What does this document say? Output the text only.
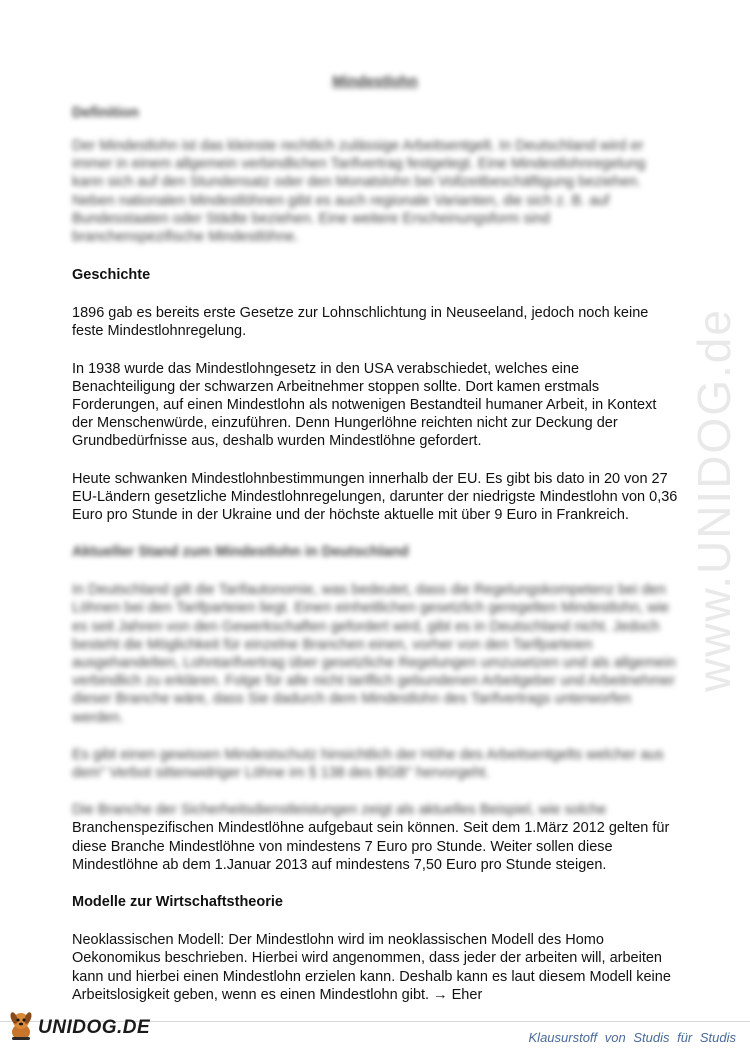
www.UNIDOG.de
Mindestlohn
Definition

Der Mindestlohn ist das kleinste rechtlich zulässige Arbeitsentgelt. In Deutschland wird er immer in einem allgemein verbindlichen Tarifvertrag festgelegt. Eine Mindestlohnregelung kann sich auf den Stundensatz oder den Monatslohn bei Vollzeitbeschäftigung beziehen. Neben nationalen Mindestlöhnen gibt es auch regionale Varianten, die sich z. B. auf Bundesstaaten oder Städte beziehen. Eine weitere Erscheinungsform sind branchenspezifische Mindestlöhne.

Geschichte

1896 gab es bereits erste Gesetze zur Lohnschlichtung in Neuseeland, jedoch noch keine feste Mindestlohnregelung.

In 1938 wurde das Mindestlohngesetz in den USA verabschiedet, welches eine Benachteiligung der schwarzen Arbeitnehmer stoppen sollte. Dort kamen erstmals Forderungen, auf einen Mindestlohn als notwenigen Bestandteil humaner Arbeit, in Kontext der Menschenwürde, einzuführen. Denn Hungerlöhne reichten nicht zur Deckung der Grundbedürfnisse aus, deshalb wurden Mindestlöhne gefordert.

Heute schwanken Mindestlohnbestimmungen innerhalb der EU. Es gibt bis dato in 20 von 27 EU-Ländern gesetzliche Mindestlohnregelungen, darunter der niedrigste Mindestlohn von 0,36 Euro pro Stunde in der Ukraine und der höchste aktuelle mit über 9 Euro in Frankreich.

Aktueller Stand zum Mindestlohn in Deutschland

In Deutschland gilt die Tarifautonomie, was bedeutet, dass die Regelungskompetenz bei den Löhnen bei den Tarifparteien liegt. Einen einheitlichen gesetzlich geregelten Mindestlohn, wie es seit Jahren von den Gewerkschaften gefordert wird, gibt es in Deutschland nicht. Jedoch besteht die Möglichkeit für einzelne Branchen einen, vorher von den Tarifparteien ausgehandelten, Lohntarifvertrag über gesetzliche Regelungen umzusetzen und als allgemein verbindlich zu erklären. Folge für alle nicht tariflich gebundenen Arbeitgeber und Arbeitnehmer dieser Branche wäre, dass Sie dadurch dem Mindestlohn des Tarifvertrags unterworfen werden.

Es gibt einen gewissen Mindestschutz hinsichtlich der Höhe des Arbeitsentgelts welcher aus dem" Verbot sittenwidriger Löhne im § 138 des BGB" hervorgeht.

Die Branche der Sicherheitsdienstleistungen zeigt als aktuelles Beispiel, wie solche Branchenspezifischen Mindestlöhne aufgebaut sein können. Seit dem 1.März 2012 gelten für diese Branche Mindestlöhne von mindestens 7 Euro pro Stunde. Weiter sollen diese Mindestlöhne ab dem 1.Januar 2013 auf mindestens 7,50 Euro pro Stunde steigen.

Modelle zur Wirtschaftstheorie

Neoklassischen Modell: Der Mindestlohn wird im neoklassischen Modell des Homo Oekonomikus beschrieben. Hierbei wird angenommen, dass jeder der arbeiten will, arbeiten kann und hierbei einen Mindestlohn erzielen kann. Deshalb kann es laut diesem Modell keine Arbeitslosigkeit geben, wenn es einen Mindestlohn gibt. → Eher

UNIDOG.DE	Klausurstoff von Studis für Studis
